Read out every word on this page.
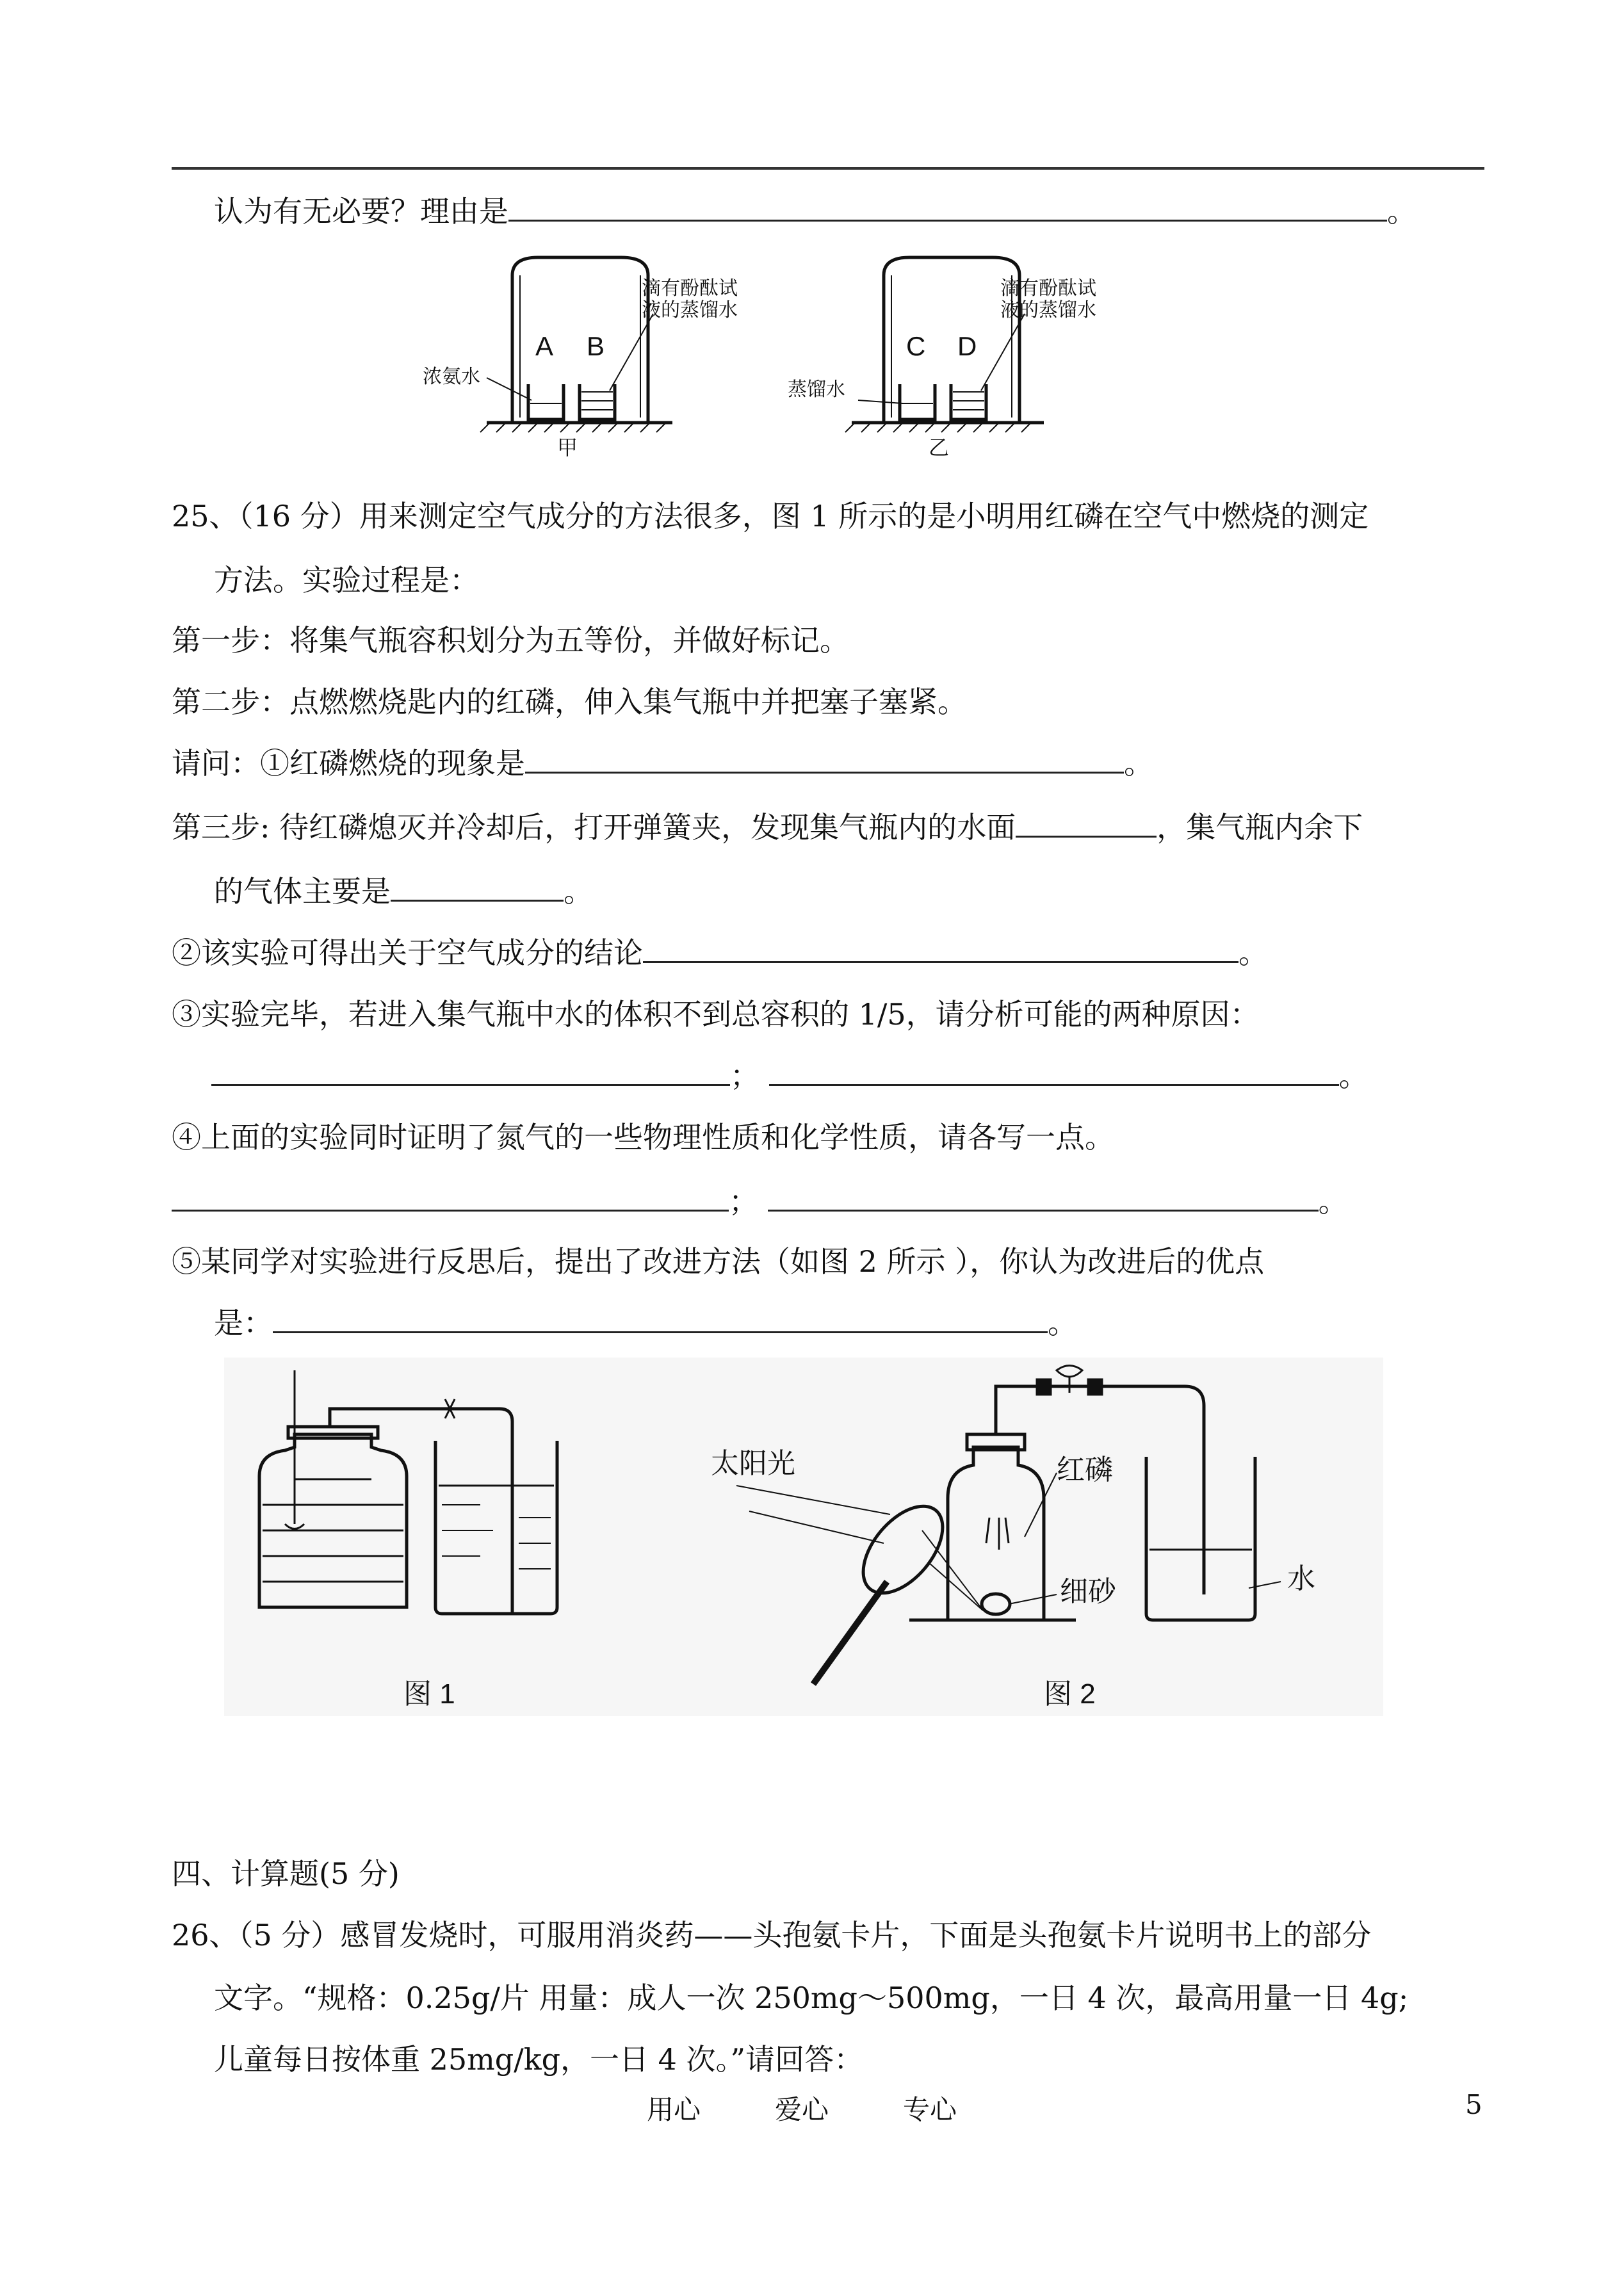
认为有无必要？理由是	。
A B
浓氨水
滴有酚酞试
液的蒸馏水
甲
C D
蒸馏水
滴有酚酞试
液的蒸馏水
乙
25、（16 分）用来测定空气成分的方法很多，图 1 所示的是小明用红磷在空气中燃烧的测定
方法。实验过程是：
第一步：将集气瓶容积划分为五等份，并做好标记。
第二步：点燃燃烧匙内的红磷，伸入集气瓶中并把塞子塞紧。
请问：①红磷燃烧的现象是	。
第三步: 待红磷熄灭并冷却后，打开弹簧夹，发现集气瓶内的水面	，集气瓶内余下
的气体主要是	。
②该实验可得出关于空气成分的结论	。
③实验完毕，若进入集气瓶中水的体积不到总容积的 1/5，请分析可能的两种原因：
；	。
④上面的实验同时证明了氮气的一些物理性质和化学性质，请各写一点。
；	。
⑤某同学对实验进行反思后，提出了改进方法（如图 2 所示 ），你认为改进后的优点
是：	。
图 1	图 2
太阳光	红磷
细砂	水
四、计算题(5 分)
26、（5 分）感冒发烧时，可服用消炎药——头孢氨卡片，下面是头孢氨卡片说明书上的部分
文字。“规格：0.25g/片 用量：成人一次 250mg～500mg，一日 4 次，最高用量一日 4g;
儿童每日按体重 25mg/kg，一日 4 次。”请回答：
用心	爱心	专心	5
